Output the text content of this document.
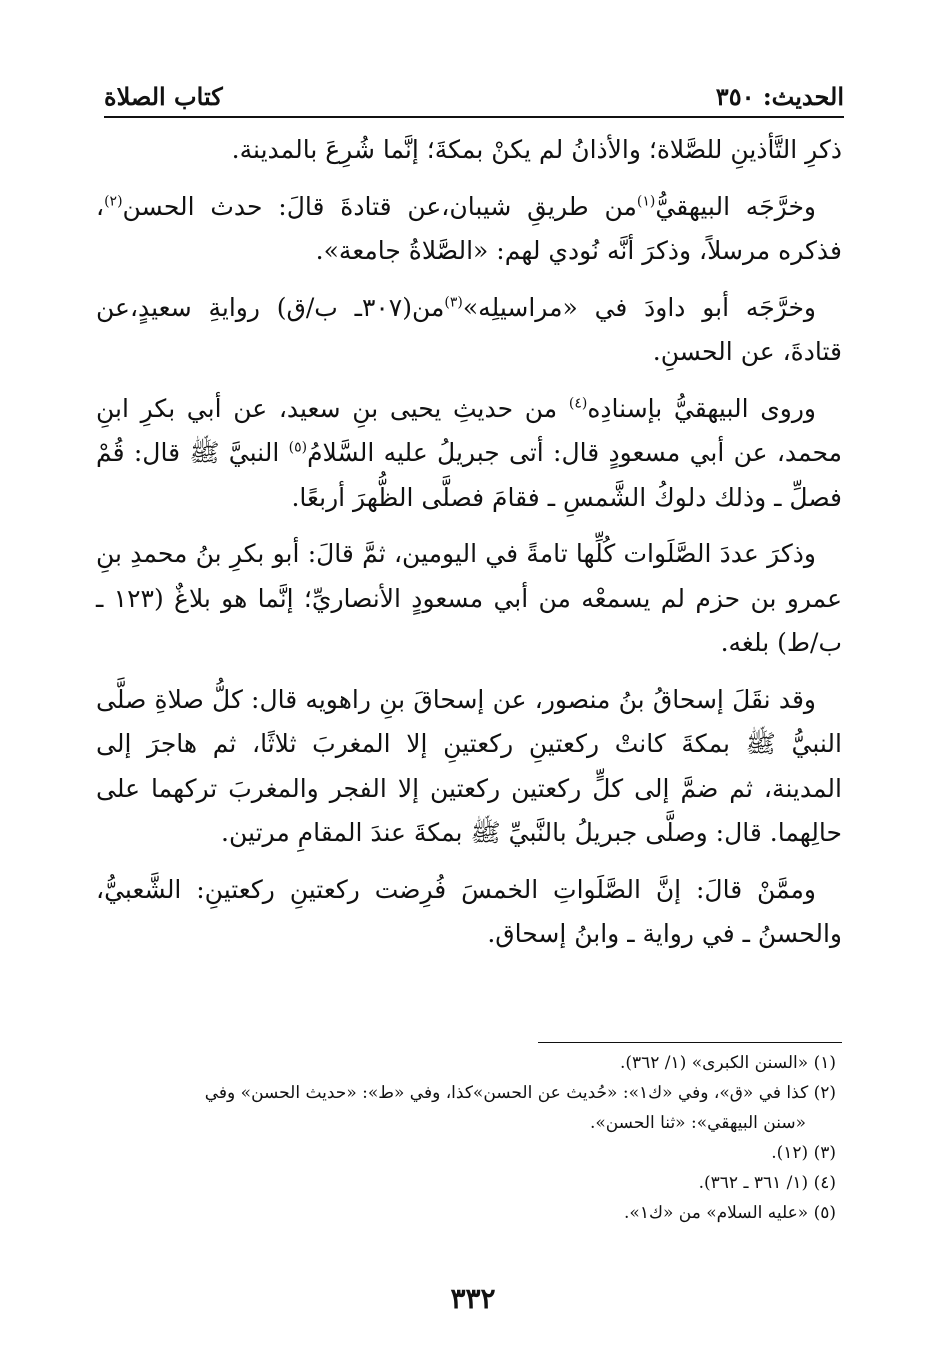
الحديث: ٣٥٠
كتاب الصلاة

ذكرِ التَّأذينِ للصَّلاة؛ والأذانُ لم يكنْ بمكةَ؛ إنَّما شُرِعَ بالمدينة.

وخرَّجَه البيهقيُّ$^{(١)}$من طريقِ شيبان،عن قتادةَ قالَ: حدث الحسن$^{(٢)}$، فذكره مرسلاً، وذكرَ أنَّه نُودي لهم: «الصَّلاةُ جامعة».

وخرَّجَه أبو داودَ في «مراسيلِه»$^{(٣)}$من(٣٠٧ـ ب/ق) روايةِ سعيدٍ،عن قتادةَ، عن الحسنِ.

وروى البيهقيُّ بإسنادِه$^{(٤)}$ من حديثِ يحيى بنِ سعيد، عن أبي بكرِ ابنِ محمد، عن أبي مسعودٍ قال: أتى جبريلُ عليه السَّلامُ$^{(٥)}$ النبيَّ ﷺ قال: قُمْ فصلِّ ـ وذلك دلوكُ الشَّمسِ ـ فقامَ فصلَّى الظُّهرَ أربعًا.

وذكرَ عددَ الصَّلَوات كُلِّها تامةً في اليومين، ثمَّ قالَ: أبو بكرِ بنُ محمدِ بنِ عمرو بن حزم لم يسمعْه من أبي مسعودٍ الأنصاريِّ؛ إنَّما هو بلاغٌ (١٢٣ ـ ب/ط) بلغه.

وقد نقَلَ إسحاقُ بنُ منصور، عن إسحاقَ بنِ راهويه قال: كلُّ صلاةِ صلَّى النبيُّ ﷺ بمكةَ كانتْ ركعتينِ ركعتينِ إلا المغربَ ثلاثًا، ثم هاجرَ إلى المدينة، ثم ضمَّ إلى كلٍّ ركعتين ركعتين إلا الفجر والمغربَ تركهما على حالِهما. قال: وصلَّى جبريلُ بالنَّبيِّ ﷺ بمكةَ عندَ المقامِ مرتين.

وممَّنْ قالَ: إنَّ الصَّلَواتِ الخمسَ فُرِضت ركعتينِ ركعتينِ: الشَّعبيُّ، والحسنُ ـ في رواية ـ وابنُ إسحاق.

(١) «السنن الكبرى» (١/ ٣٦٢).

(٢) كذا في «ق»، وفي «ك١»: «حُديث عن الحسن»كذا، وفي «ط»: «حديث الحسن» وفي

«سنن البيهقي»: «ثنا الحسن».

(٣) (١٢).

(٤) (١/ ٣٦١ ـ ٣٦٢).

(٥) «عليه السلام» من «ك١».

٣٣٢
